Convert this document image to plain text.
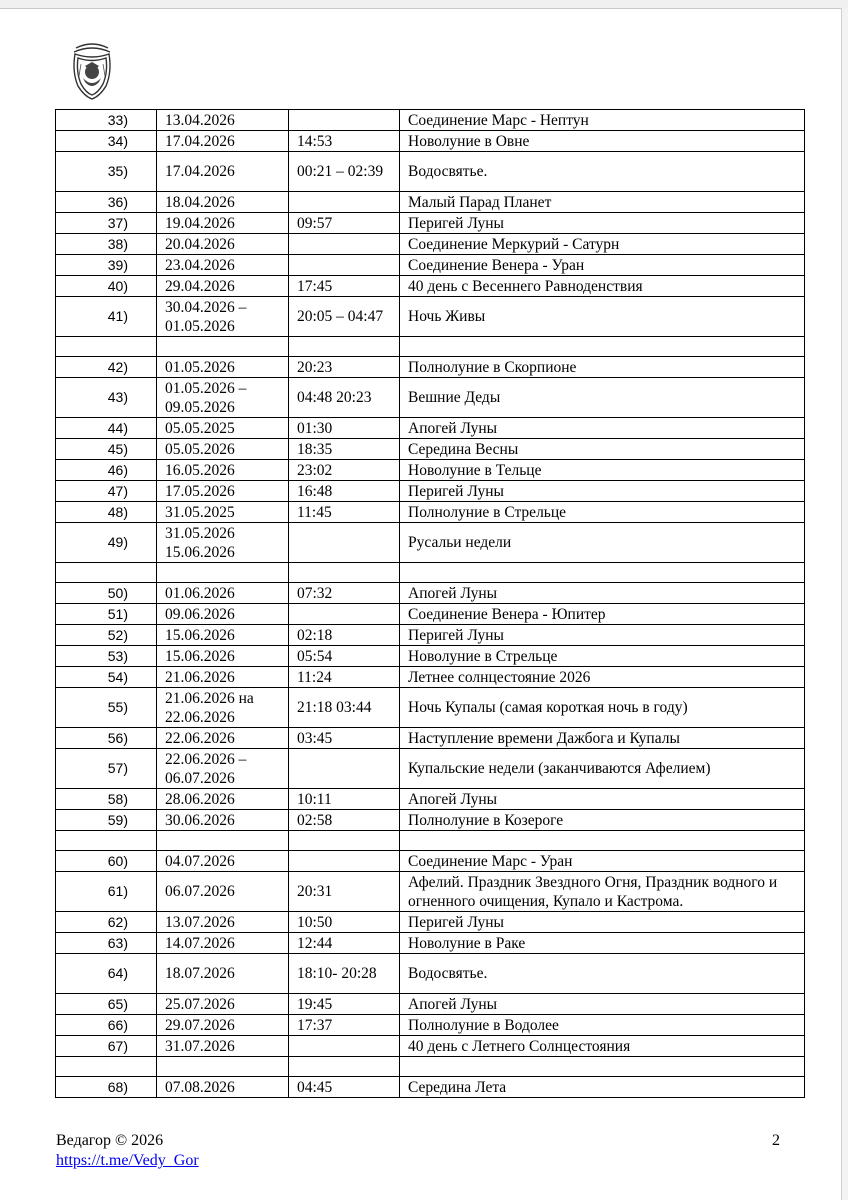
33)	13.04.2026		Соединение Марс - Нептун
34)	17.04.2026	14:53	Новолуние в Овне
35)	17.04.2026	00:21 – 02:39	Водосвятье.
36)	18.04.2026		Малый Парад Планет
37)	19.04.2026	09:57	Перигей Луны
38)	20.04.2026		Соединение Меркурий - Сатурн
39)	23.04.2026		Соединение Венера - Уран
40)	29.04.2026	17:45	40 день с Весеннего Равноденствия
41)	30.04.2026 – 01.05.2026	20:05 – 04:47	Ночь Живы

42)	01.05.2026	20:23	Полнолуние в Скорпионе
43)	01.05.2026 – 09.05.2026	04:48 20:23	Вешние Деды
44)	05.05.2025	01:30	Апогей Луны
45)	05.05.2026	18:35	Середина Весны
46)	16.05.2026	23:02	Новолуние в Тельце
47)	17.05.2026	16:48	Перигей Луны
48)	31.05.2025	11:45	Полнолуние в Стрельце
49)	31.05.2026 15.06.2026		Русальи недели

50)	01.06.2026	07:32	Апогей Луны
51)	09.06.2026		Соединение Венера - Юпитер
52)	15.06.2026	02:18	Перигей Луны
53)	15.06.2026	05:54	Новолуние в Стрельце
54)	21.06.2026	11:24	Летнее солнцестояние 2026
55)	21.06.2026 на 22.06.2026	21:18 03:44	Ночь Купалы (самая короткая ночь в году)
56)	22.06.2026	03:45	Наступление времени Дажбога и Купалы
57)	22.06.2026 – 06.07.2026		Купальские недели (заканчиваются Афелием)
58)	28.06.2026	10:11	Апогей Луны
59)	30.06.2026	02:58	Полнолуние в Козероге

60)	04.07.2026		Соединение Марс - Уран
61)	06.07.2026	20:31	Афелий. Праздник Звездного Огня, Праздник водного и огненного очищения, Купало и Кастрома.
62)	13.07.2026	10:50	Перигей Луны
63)	14.07.2026	12:44	Новолуние в Раке
64)	18.07.2026	18:10- 20:28	Водосвятье.
65)	25.07.2026	19:45	Апогей Луны
66)	29.07.2026	17:37	Полнолуние в Водолее
67)	31.07.2026		40 день с Летнего Солнцестояния

68)	07.08.2026	04:45	Середина Лета
Ведагор © 2026
https://t.me/Vedy_Gor
2
